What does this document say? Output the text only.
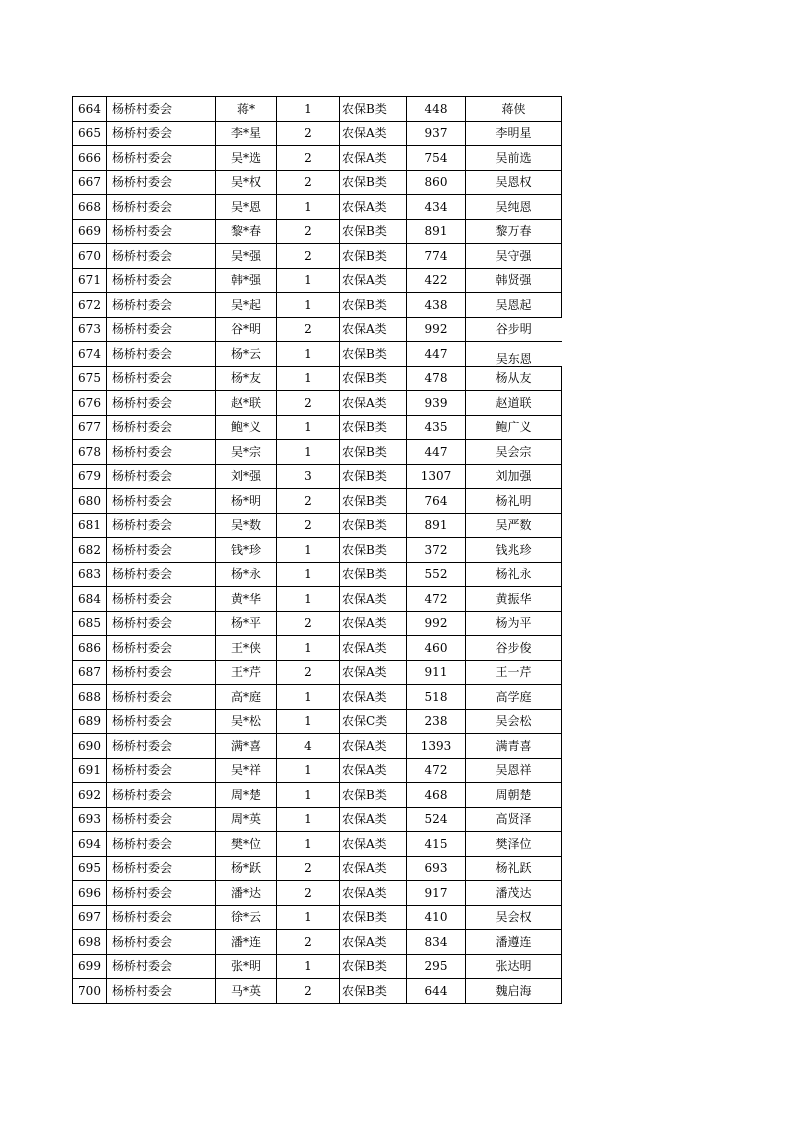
664	杨桥村委会	蒋*	1	农保B类	448	蒋侠
665	杨桥村委会	李*星	2	农保A类	937	李明星
666	杨桥村委会	吴*选	2	农保A类	754	吴前选
667	杨桥村委会	吴*权	2	农保B类	860	吴恩权
668	杨桥村委会	吴*恩	1	农保A类	434	吴纯恩
669	杨桥村委会	黎*春	2	农保B类	891	黎万春
670	杨桥村委会	吴*强	2	农保B类	774	吴守强
671	杨桥村委会	韩*强	1	农保A类	422	韩贤强
672	杨桥村委会	吴*起	1	农保B类	438	吴恩起
673	杨桥村委会	谷*明	2	农保A类	992	谷步明
674	杨桥村委会	杨*云	1	农保B类	447	吴东恩
675	杨桥村委会	杨*友	1	农保B类	478	杨从友
676	杨桥村委会	赵*联	2	农保A类	939	赵道联
677	杨桥村委会	鲍*义	1	农保B类	435	鲍广义
678	杨桥村委会	吴*宗	1	农保B类	447	吴会宗
679	杨桥村委会	刘*强	3	农保B类	1307	刘加强
680	杨桥村委会	杨*明	2	农保B类	764	杨礼明
681	杨桥村委会	吴*数	2	农保B类	891	吴严数
682	杨桥村委会	钱*珍	1	农保B类	372	钱兆珍
683	杨桥村委会	杨*永	1	农保B类	552	杨礼永
684	杨桥村委会	黄*华	1	农保A类	472	黄振华
685	杨桥村委会	杨*平	2	农保A类	992	杨为平
686	杨桥村委会	王*侠	1	农保A类	460	谷步俊
687	杨桥村委会	王*芹	2	农保A类	911	王一芹
688	杨桥村委会	高*庭	1	农保A类	518	高学庭
689	杨桥村委会	吴*松	1	农保C类	238	吴会松
690	杨桥村委会	满*喜	4	农保A类	1393	满青喜
691	杨桥村委会	吴*祥	1	农保A类	472	吴恩祥
692	杨桥村委会	周*楚	1	农保B类	468	周朝楚
693	杨桥村委会	周*英	1	农保A类	524	高贤泽
694	杨桥村委会	樊*位	1	农保A类	415	樊泽位
695	杨桥村委会	杨*跃	2	农保A类	693	杨礼跃
696	杨桥村委会	潘*达	2	农保A类	917	潘茂达
697	杨桥村委会	徐*云	1	农保B类	410	吴会权
698	杨桥村委会	潘*连	2	农保A类	834	潘遵连
699	杨桥村委会	张*明	1	农保B类	295	张达明
700	杨桥村委会	马*英	2	农保B类	644	魏启海
